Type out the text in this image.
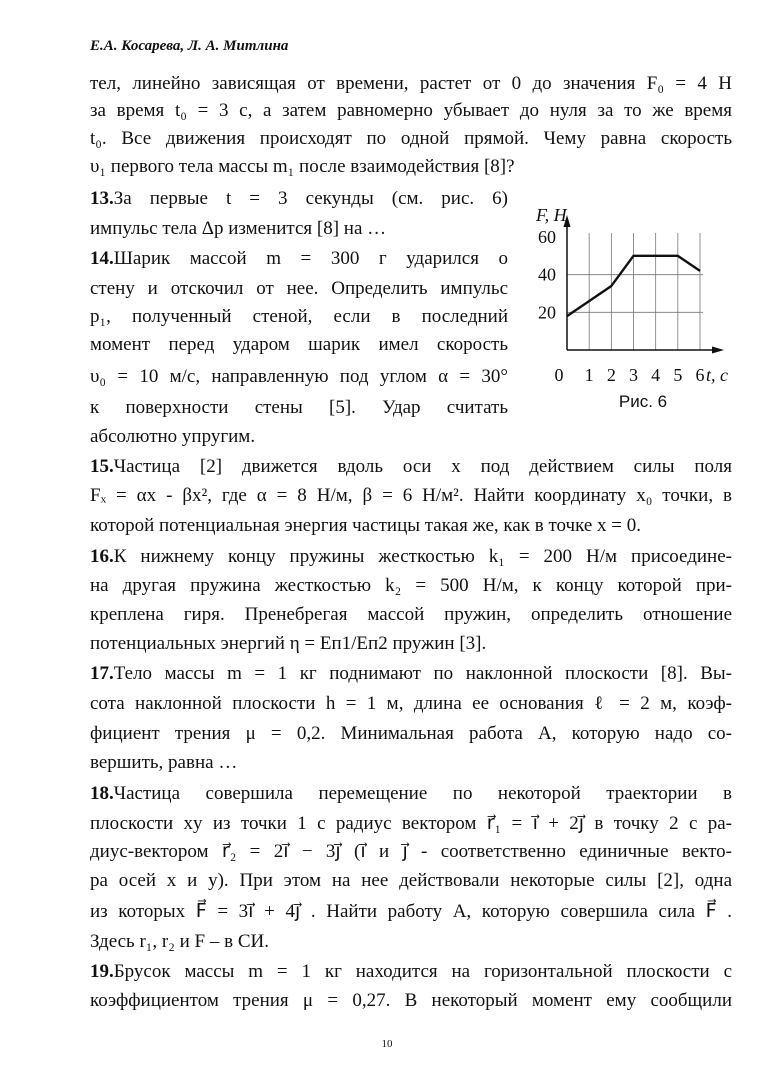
Е.А. Косарева, Л. А. Митлина
тел, линейно зависящая от времени, растет от 0 до значения F₀ = 4 Н
за время t₀ = 3 с, а затем равномерно убывает до нуля за то же время
t₀. Все движения происходят по одной прямой. Чему равна скорость
υ₁ первого тела массы m₁ после взаимодействия [8]?
13.За первые t = 3 секунды (см. рис. 6)
импульс тела Δp изменится [8] на …
14.Шарик массой m = 300 г ударился о
стену и отскочил от нее. Определить импульс
p₁, полученный стеной, если в последний
момент перед ударом шарик имел скорость
υ₀ = 10 м/с, направленную под углом α = 30°
к поверхности стены [5]. Удар считать
абсолютно упругим.
15.Частица [2] движется вдоль оси x под действием силы поля
Fₓ = αx - βx², где α = 8 Н/м, β = 6 Н/м². Найти координату x₀ точки, в
которой потенциальная энергия частицы такая же, как в точке x = 0.
16.К нижнему концу пружины жесткостью k₁ = 200 Н/м присоедине-
на другая пружина жесткостью k₂ = 500 Н/м, к концу которой при-
креплена гиря. Пренебрегая массой пружин, определить отношение
потенциальных энергий η = Eп1/Eп2 пружин [3].
17.Тело массы m = 1 кг поднимают по наклонной плоскости [8]. Вы-
сота наклонной плоскости h = 1 м, длина ее основания ℓ = 2 м, коэф-
фициент трения μ = 0,2. Минимальная работа A, которую надо со-
вершить, равна …
18.Частица совершила перемещение по некоторой траектории в
плоскости xy из точки 1 с радиус вектором r⃗₁ = i⃗ + 2j⃗ в точку 2 с ра-
диус-вектором r⃗₂ = 2i⃗ − 3j⃗ (i⃗ и j⃗ - соответственно единичные векто-
ра осей x и y). При этом на нее действовали некоторые силы [2], одна
из которых F⃗ = 3i⃗ + 4j⃗ . Найти работу A, которую совершила сила F⃗ .
Здесь r₁, r₂ и F – в СИ.
19.Брусок массы m = 1 кг находится на горизонтальной плоскости с
коэффициентом трения μ = 0,27. В некоторый момент ему сообщили
F, Н
20
40
60
0 1 2 3 4 5 6 t, с
Рис. 6
10
